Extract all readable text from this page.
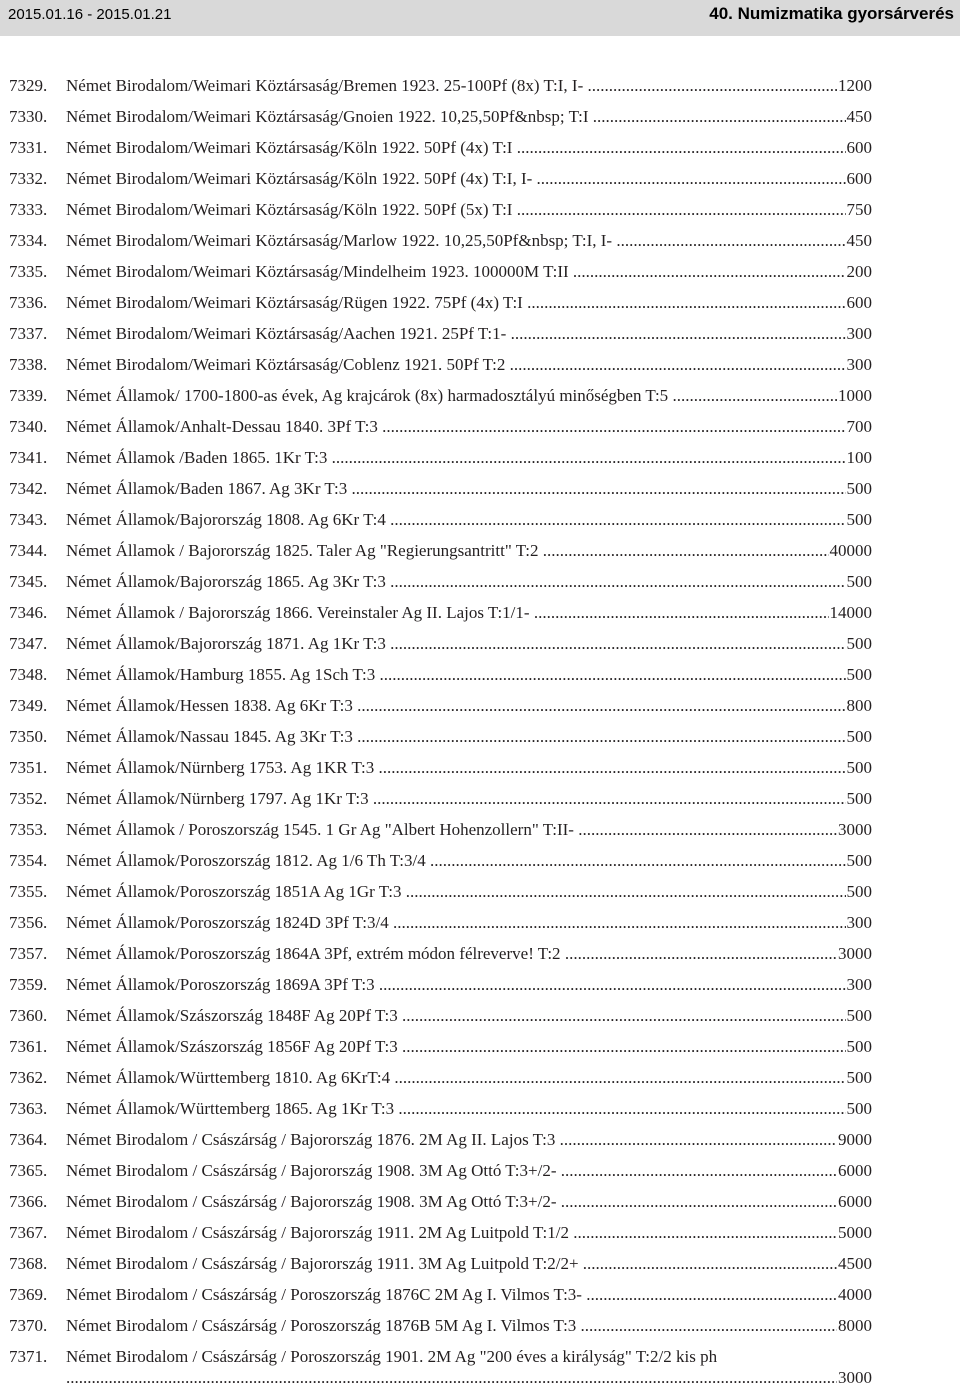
2015.01.16 - 2015.01.21	40. Numizmatika gyorsárverés
7329. Német Birodalom/Weimari Köztársaság/Bremen 1923. 25-100Pf (8x) T:I, I- .....	1200
7330. Német Birodalom/Weimari Köztársaság/Gnoien 1922. 10,25,50Pf&nbsp; T:I .....	450
7331. Német Birodalom/Weimari Köztársaság/Köln 1922. 50Pf (4x) T:I .....	600
7332. Német Birodalom/Weimari Köztársaság/Köln 1922. 50Pf (4x) T:I, I- .....	600
7333. Német Birodalom/Weimari Köztársaság/Köln 1922. 50Pf (5x) T:I .....	750
7334. Német Birodalom/Weimari Köztársaság/Marlow 1922. 10,25,50Pf&nbsp; T:I, I- .....	450
7335. Német Birodalom/Weimari Köztársaság/Mindelheim 1923. 100000M T:II .....	200
7336. Német Birodalom/Weimari Köztársaság/Rügen 1922. 75Pf (4x) T:I .....	600
7337. Német Birodalom/Weimari Köztársaság/Aachen 1921. 25Pf T:1- .....	300
7338. Német Birodalom/Weimari Köztársaság/Coblenz 1921. 50Pf T:2 .....	300
7339. Német Államok/ 1700-1800-as évek, Ag krajcárok (8x) harmadosztályú minőségben T:5 .....	1000
7340. Német Államok/Anhalt-Dessau 1840. 3Pf T:3 .....	700
7341. Német Államok /Baden 1865. 1Kr T:3 .....	100
7342. Német Államok/Baden 1867. Ag 3Kr T:3 .....	500
7343. Német Államok/Bajorország 1808. Ag 6Kr T:4 .....	500
7344. Német Államok / Bajorország 1825. Taler Ag "Regierungsantritt" T:2 .....	40000
7345. Német Államok/Bajorország 1865. Ag 3Kr T:3 .....	500
7346. Német Államok / Bajorország 1866. Vereinstaler Ag II. Lajos T:1/1- .....	14000
7347. Német Államok/Bajorország 1871. Ag 1Kr T:3 .....	500
7348. Német Államok/Hamburg 1855. Ag 1Sch T:3 .....	500
7349. Német Államok/Hessen 1838. Ag 6Kr T:3 .....	800
7350. Német Államok/Nassau 1845. Ag 3Kr T:3 .....	500
7351. Német Államok/Nürnberg 1753. Ag 1KR T:3 .....	500
7352. Német Államok/Nürnberg 1797. Ag 1Kr T:3 .....	500
7353. Német Államok / Poroszország 1545. 1 Gr Ag "Albert Hohenzollern" T:II- .....	3000
7354. Német Államok/Poroszország 1812. Ag 1/6 Th T:3/4 .....	500
7355. Német Államok/Poroszország 1851A Ag 1Gr T:3 .....	500
7356. Német Államok/Poroszország 1824D 3Pf T:3/4 .....	300
7357. Német Államok/Poroszország 1864A 3Pf, extrém módon félreverve! T:2 .....	3000
7359. Német Államok/Poroszország 1869A 3Pf T:3 .....	300
7360. Német Államok/Szászország 1848F Ag 20Pf T:3 .....	500
7361. Német Államok/Szászország 1856F Ag 20Pf T:3 .....	500
7362. Német Államok/Württemberg 1810. Ag 6KrT:4 .....	500
7363. Német Államok/Württemberg 1865. Ag 1Kr T:3 .....	500
7364. Német Birodalom / Császárság / Bajorország 1876. 2M Ag II. Lajos T:3 .....	9000
7365. Német Birodalom / Császárság / Bajorország 1908. 3M Ag Ottó T:3+/2- .....	6000
7366. Német Birodalom / Császárság / Bajorország 1908. 3M Ag Ottó T:3+/2- .....	6000
7367. Német Birodalom / Császárság / Bajorország 1911. 2M Ag Luitpold T:1/2 .....	5000
7368. Német Birodalom / Császárság / Bajorország 1911. 3M Ag Luitpold T:2/2+ .....	4500
7369. Német Birodalom / Császárság / Poroszország 1876C 2M Ag I. Vilmos T:3- .....	4000
7370. Német Birodalom / Császárság / Poroszország 1876B 5M Ag I. Vilmos T:3 .....	8000
7371. Német Birodalom / Császárság / Poroszország 1901. 2M Ag "200 éves a királyság" T:2/2 kis ph
.....
3000
